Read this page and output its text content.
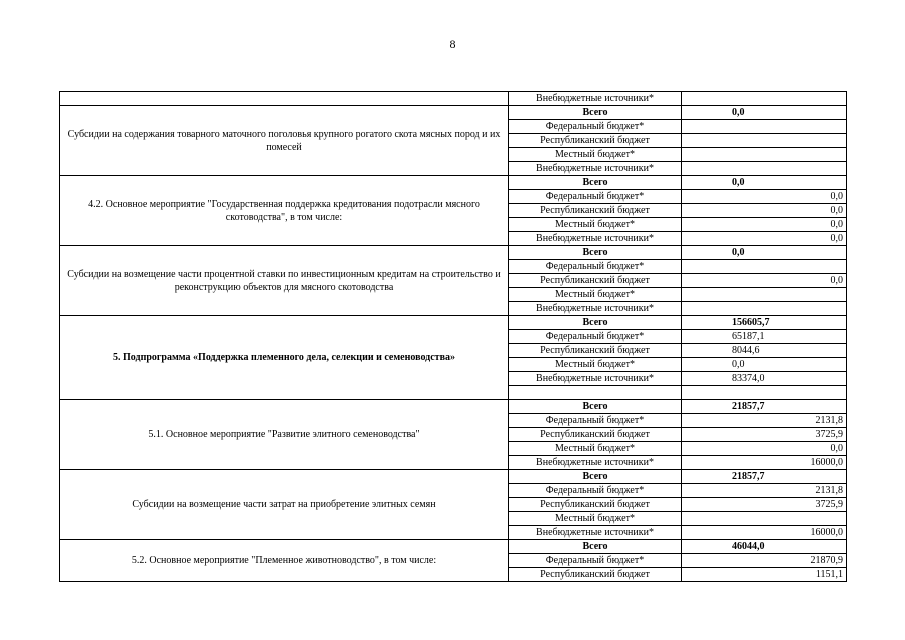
8
	Внебюджетные источники*	
Субсидии на содержания товарного маточного поголовья крупного рогатого скота мясных пород и их помесей	Всего	0,0
	Федеральный бюджет*	
	Республиканский бюджет	
	Местный бюджет*	
	Внебюджетные источники*	
4.2. Основное мероприятие "Государственная поддержка кредитования подотрасли мясного скотоводства", в том числе:	Всего	0,0
	Федеральный бюджет*	0,0
	Республиканский бюджет	0,0
	Местный бюджет*	0,0
	Внебюджетные источники*	0,0
Субсидии на возмещение части процентной ставки по инвестиционным кредитам на строительство и реконструкцию объектов для мясного скотоводства	Всего	0,0
	Федеральный бюджет*	
	Республиканский бюджет	0,0
	Местный бюджет*	
	Внебюджетные источники*	
5. Подпрограмма «Поддержка племенного дела, селекции и семеноводства»	Всего	156605,7
	Федеральный бюджет*	65187,1
	Республиканский бюджет	8044,6
	Местный бюджет*	0,0
	Внебюджетные источники*	83374,0

5.1. Основное мероприятие "Развитие элитного семеноводства"	Всего	21857,7
	Федеральный бюджет*	2131,8
	Республиканский бюджет	3725,9
	Местный бюджет*	0,0
	Внебюджетные источники*	16000,0
Субсидии на возмещение части затрат на приобретение элитных семян	Всего	21857,7
	Федеральный бюджет*	2131,8
	Республиканский бюджет	3725,9
	Местный бюджет*	
	Внебюджетные источники*	16000,0
5.2. Основное мероприятие "Племенное животноводство", в том числе:	Всего	46044,0
	Федеральный бюджет*	21870,9
	Республиканский бюджет	1151,1
